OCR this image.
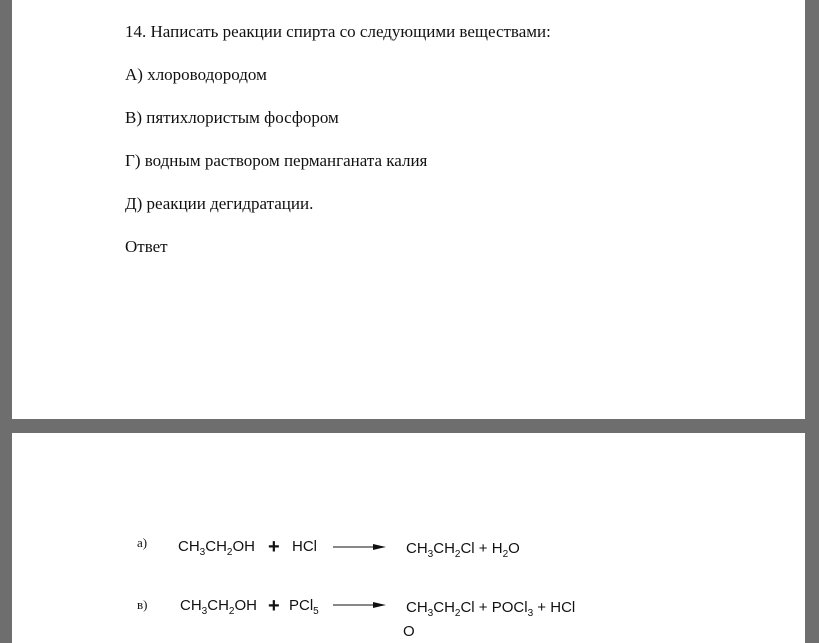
14. Написать реакции спирта со следующими веществами:
А) хлороводородом
В) пятихлористым фосфором
Г) водным раствором перманганата калия
Д) реакции дегидратации.
Ответ
а) $CH_3CH_2OH$ + HCl	$CH_3CH_2Cl + H_2O$
в) $CH_3CH_2OH + PCl_5$	$CH_3CH_2Cl$ + POCl$_3$ + HCl
O
